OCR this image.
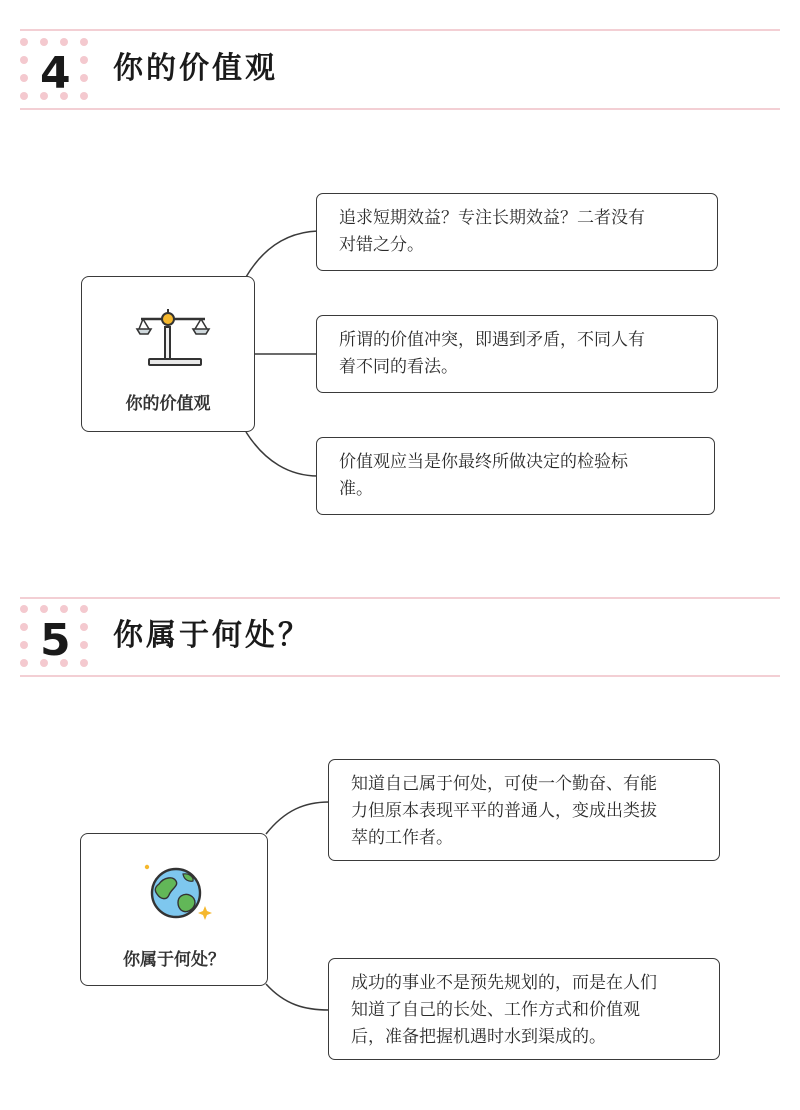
4 你的价值观
你的价值观
追求短期效益？专注长期效益？二者没有
对错之分。
所谓的价值冲突，即遇到矛盾，不同人有
着不同的看法。
价值观应当是你最终所做决定的检验标
准。
5 你属于何处？
你属于何处？
知道自己属于何处，可使一个勤奋、有能
力但原本表现平平的普通人，变成出类拔
萃的工作者。
成功的事业不是预先规划的，而是在人们
知道了自己的长处、工作方式和价值观
后，准备把握机遇时水到渠成的。
